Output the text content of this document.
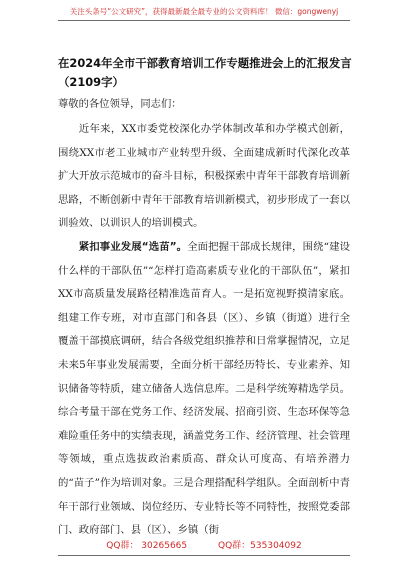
关注头条号“公文研究”，获得最新最全最专业的公文资料库！ 微信：gongwenyj
在2024年全市干部教育培训工作专题推进会上的汇报发言
（2109字）
尊敬的各位领导，同志们：

近年来，XX市委党校深化办学体制改革和办学模式创新，围绕XX市老工业城市产业转型升级、全面建成新时代深化改革扩大开放示范城市的奋斗目标，积极探索中青年干部教育培训新思路，不断创新中青年干部教育培训新模式，初步形成了一套以训验效、以训识人的培训模式。

紧扣事业发展“选苗”。全面把握干部成长规律，围绕“建设什么样的干部队伍”“怎样打造高素质专业化的干部队伍”，紧扣XX市高质量发展路径精准选苗育人。一是拓宽视野摸清家底。组建工作专班，对市直部门和各县（区）、乡镇（街道）进行全覆盖干部摸底调研，结合各级党组织推荐和日常掌握情况，立足未来5年事业发展需要，全面分析干部经历特长、专业素养、知识储备等特质，建立储备人选信息库。二是科学统筹精选学员。综合考量干部在党务工作、经济发展、招商引资、生态环保等急难险重任务中的实绩表现，涵盖党务工作、经济管理、社会管理等领域，重点选拔政治素质高、群众认可度高、有培养潜力的“苗子”作为培训对象。三是合理搭配科学组队。全面剖析中青年干部行业领域、岗位经历、专业特长等不同特性，按照党委部门、政府部门、县（区）、乡镇（街

QQ群： 30265665	QQ群：535304092
